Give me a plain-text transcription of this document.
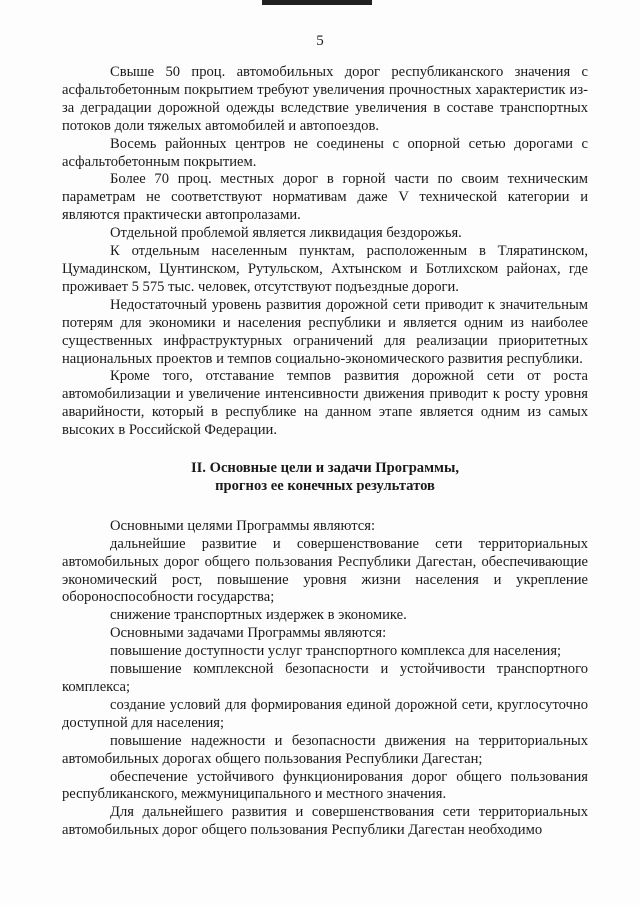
5

Свыше 50 проц. автомобильных дорог республиканского значения с асфальтобетонным покрытием требуют увеличения прочностных характеристик из-за деградации дорожной одежды вследствие увеличения в составе транспортных потоков доли тяжелых автомобилей и автопоездов.

Восемь районных центров не соединены с опорной сетью дорогами с асфальтобетонным покрытием.

Более 70 проц. местных дорог в горной части по своим техническим параметрам не соответствуют нормативам даже V технической категории и являются практически автопролазами.

Отдельной проблемой является ликвидация бездорожья.

К отдельным населенным пунктам, расположенным в Тляратинском, Цумадинском, Цунтинском, Рутульском, Ахтынском и Ботлихском районах, где проживает 5 575 тыс. человек, отсутствуют подъездные дороги.

Недостаточный уровень развития дорожной сети приводит к значительным потерям для экономики и населения республики и является одним из наиболее существенных инфраструктурных ограничений для реализации приоритетных национальных проектов и темпов социально-экономического развития республики.

Кроме того, отставание темпов развития дорожной сети от роста автомобилизации и увеличение интенсивности движения приводит к росту уровня аварийности, который в республике на данном этапе является одним из самых высоких в Российской Федерации.

II. Основные цели и задачи Программы,
прогноз ее конечных результатов

Основными целями Программы являются:

дальнейшие развитие и совершенствование сети территориальных автомобильных дорог общего пользования Республики Дагестан, обеспечивающие экономический рост, повышение уровня жизни населения и укрепление обороноспособности государства;

снижение транспортных издержек в экономике.

Основными задачами Программы являются:

повышение доступности услуг транспортного комплекса для населения;

повышение комплексной безопасности и устойчивости транспортного комплекса;

создание условий для формирования единой дорожной сети, круглосуточно доступной для населения;

повышение надежности и безопасности движения на территориальных автомобильных дорогах общего пользования Республики Дагестан;

обеспечение устойчивого функционирования дорог общего пользования республиканского, межмуниципального и местного значения.

Для дальнейшего развития и совершенствования сети территориальных автомобильных дорог общего пользования Республики Дагестан необходимо
